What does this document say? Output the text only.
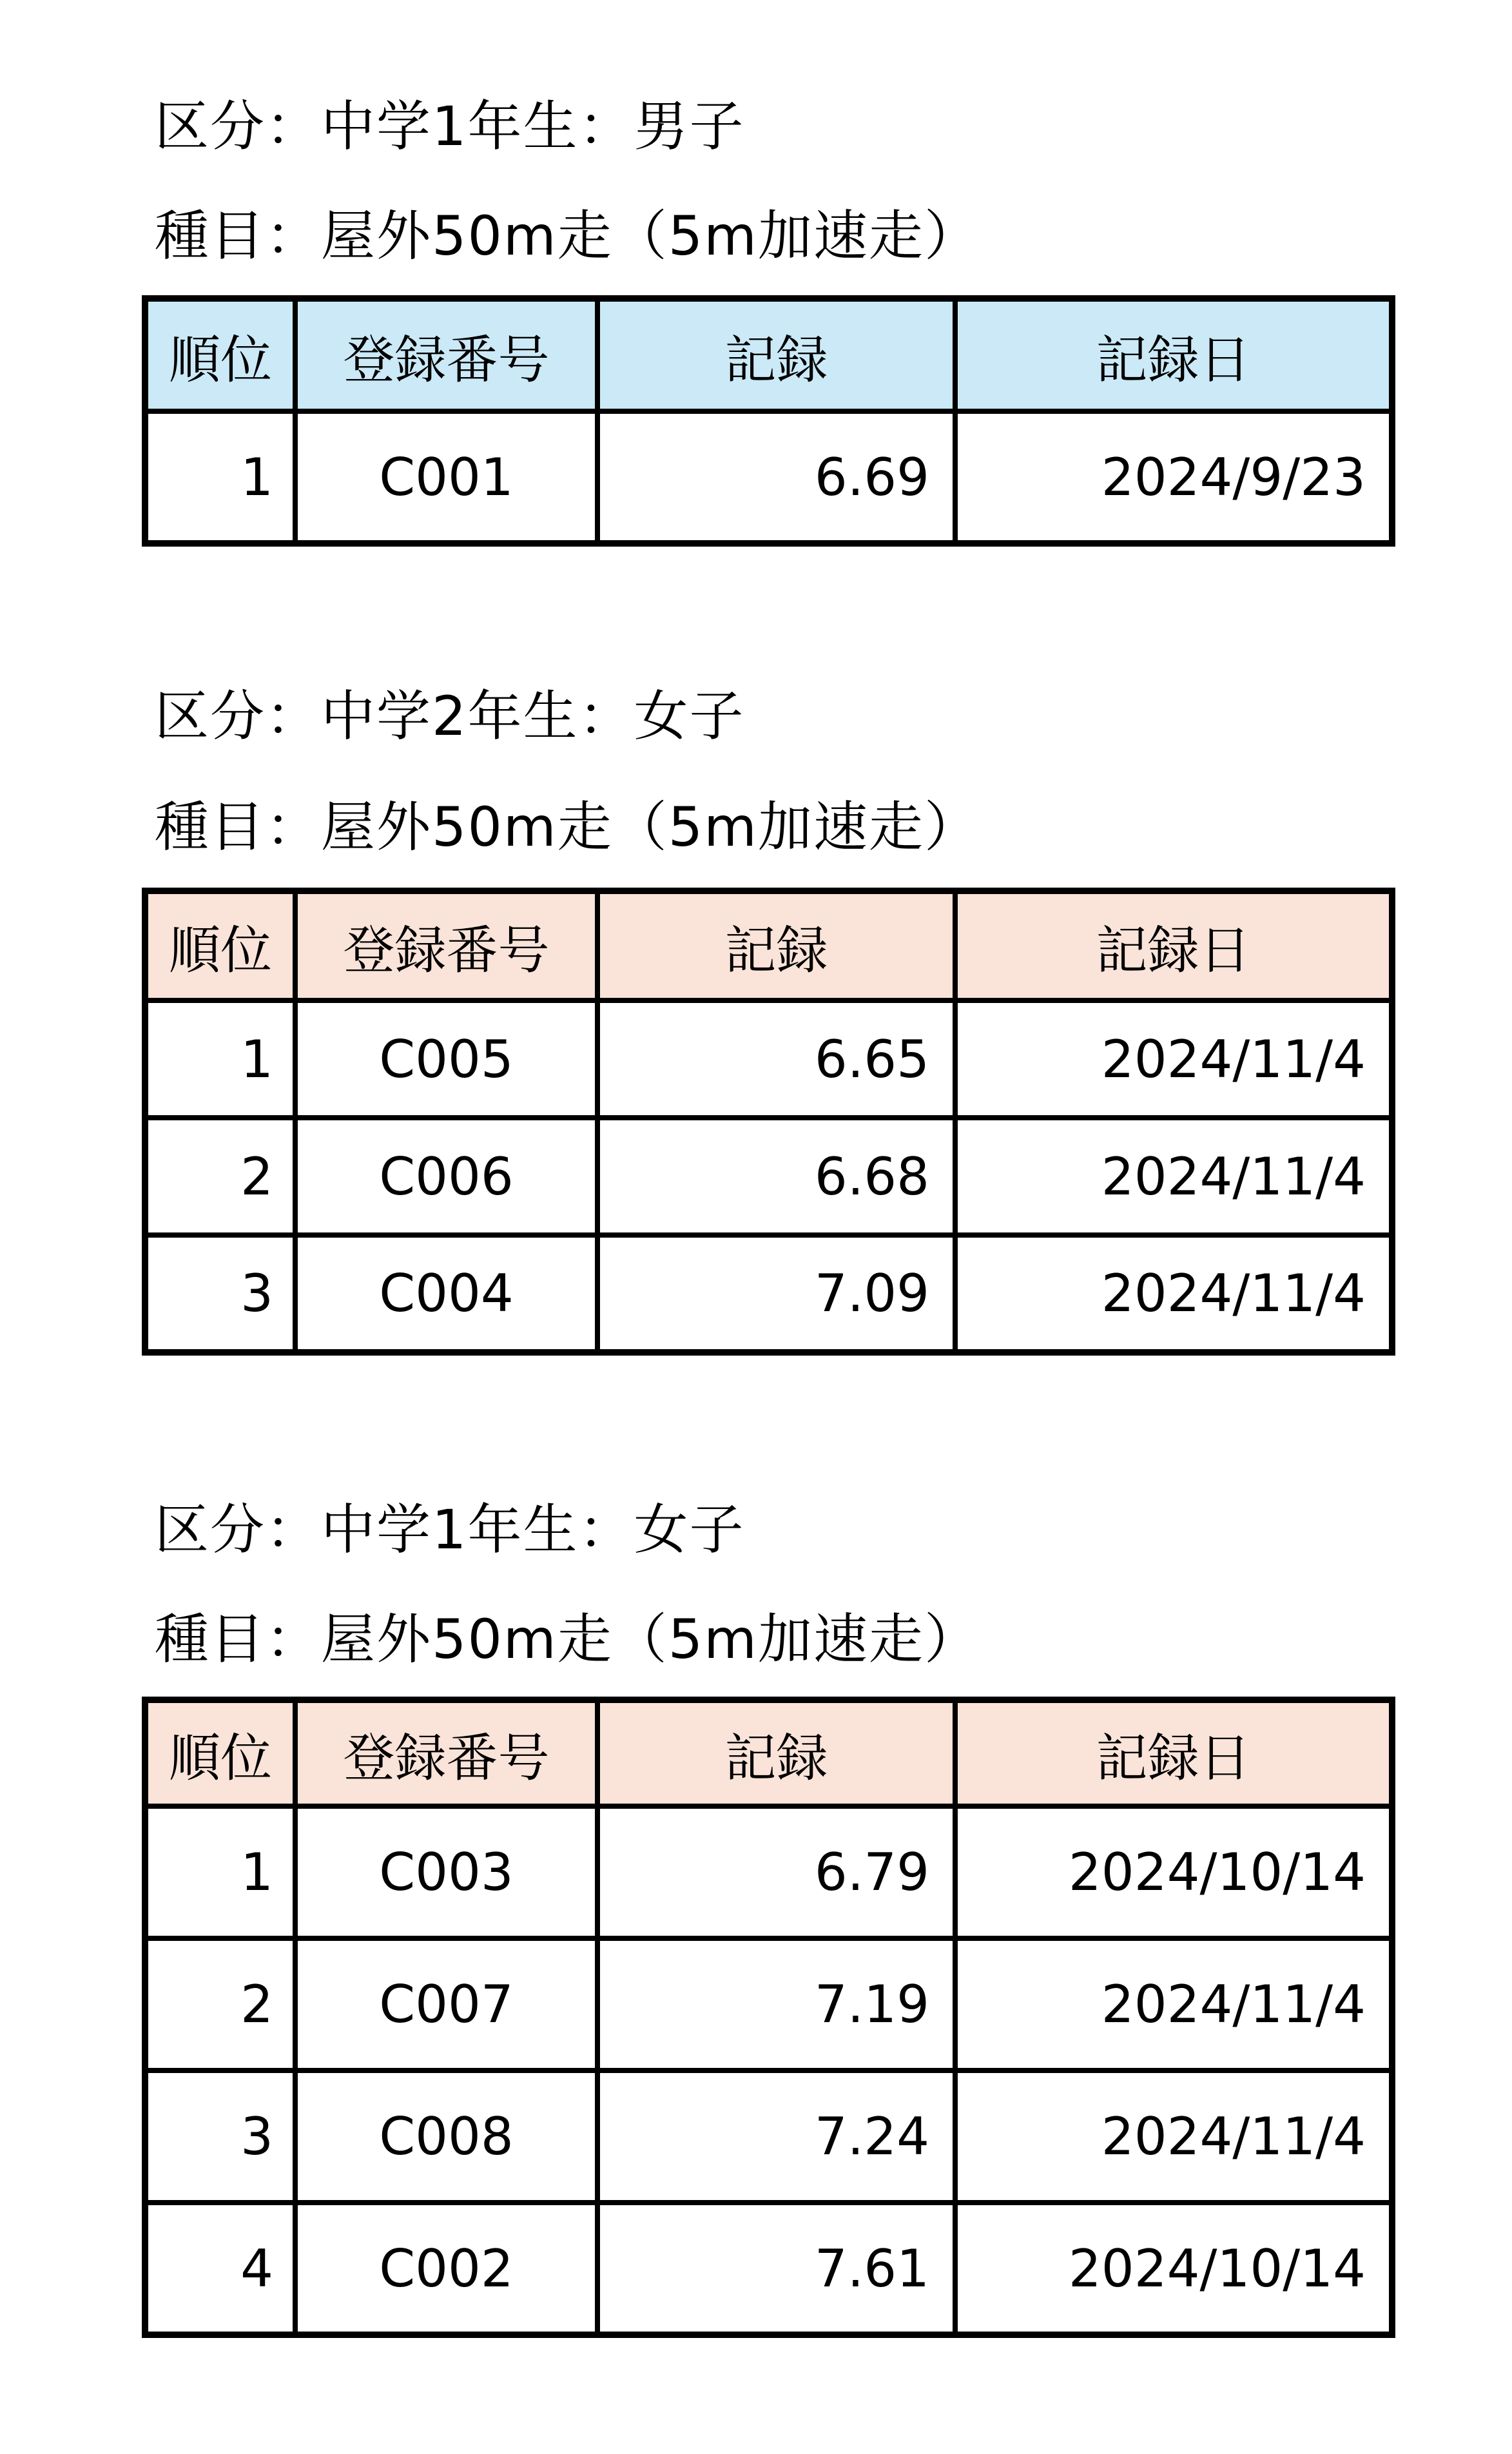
区分：中学1年生：男子
種目：屋外50m走（5m加速走）
順位	登録番号	記録	記録日
1	C001	6.69	2024/9/23
区分：中学2年生：女子
種目：屋外50m走（5m加速走）
順位	登録番号	記録	記録日
1	C005	6.65	2024/11/4
2	C006	6.68	2024/11/4
3	C004	7.09	2024/11/4
区分：中学1年生：女子
種目：屋外50m走（5m加速走）
順位	登録番号	記録	記録日
1	C003	6.79	2024/10/14
2	C007	7.19	2024/11/4
3	C008	7.24	2024/11/4
4	C002	7.61	2024/10/14
